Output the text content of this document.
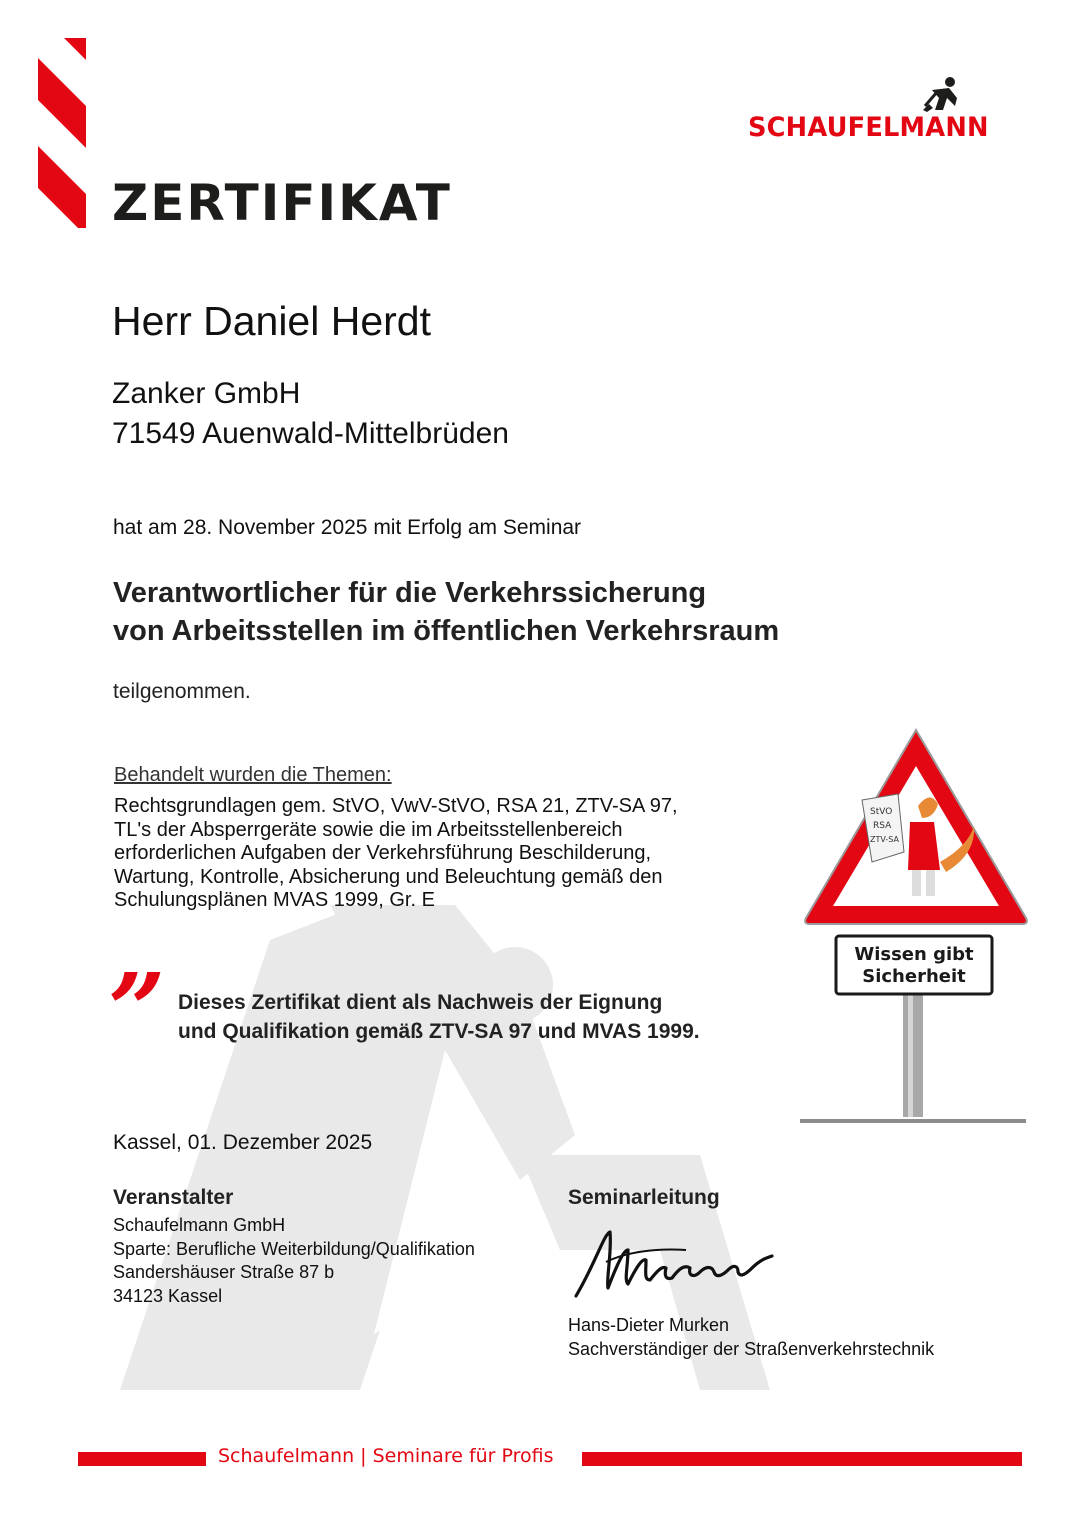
SCHAUFELMANN
ZERTIFIKAT
Herr Daniel Herdt
Zanker GmbH
71549 Auenwald-Mittelbrüden
hat am 28. November 2025 mit Erfolg am Seminar
Verantwortlicher für die Verkehrssicherung
von Arbeitsstellen im öffentlichen Verkehrsraum
teilgenommen.
Behandelt wurden die Themen:
Rechtsgrundlagen gem. StVO, VwV-StVO, RSA 21, ZTV-SA 97,
TL's der Absperrgeräte sowie die im Arbeitsstellenbereich
erforderlichen Aufgaben der Verkehrsführung Beschilderung,
Wartung, Kontrolle, Absicherung und Beleuchtung gemäß den
Schulungsplänen MVAS 1999, Gr. E
” Dieses Zertifikat dient als Nachweis der Eignung
und Qualifikation gemäß ZTV-SA 97 und MVAS 1999.
StVO
RSA
ZTV-SA
Wissen gibt
Sicherheit
Kassel, 01. Dezember 2025
Veranstalter
Schaufelmann GmbH
Sparte: Berufliche Weiterbildung/Qualifikation
Sandershäuser Straße 87 b
34123 Kassel
Seminarleitung
Hans-Dieter Murken
Sachverständiger der Straßenverkehrstechnik
Schaufelmann | Seminare für Profis
